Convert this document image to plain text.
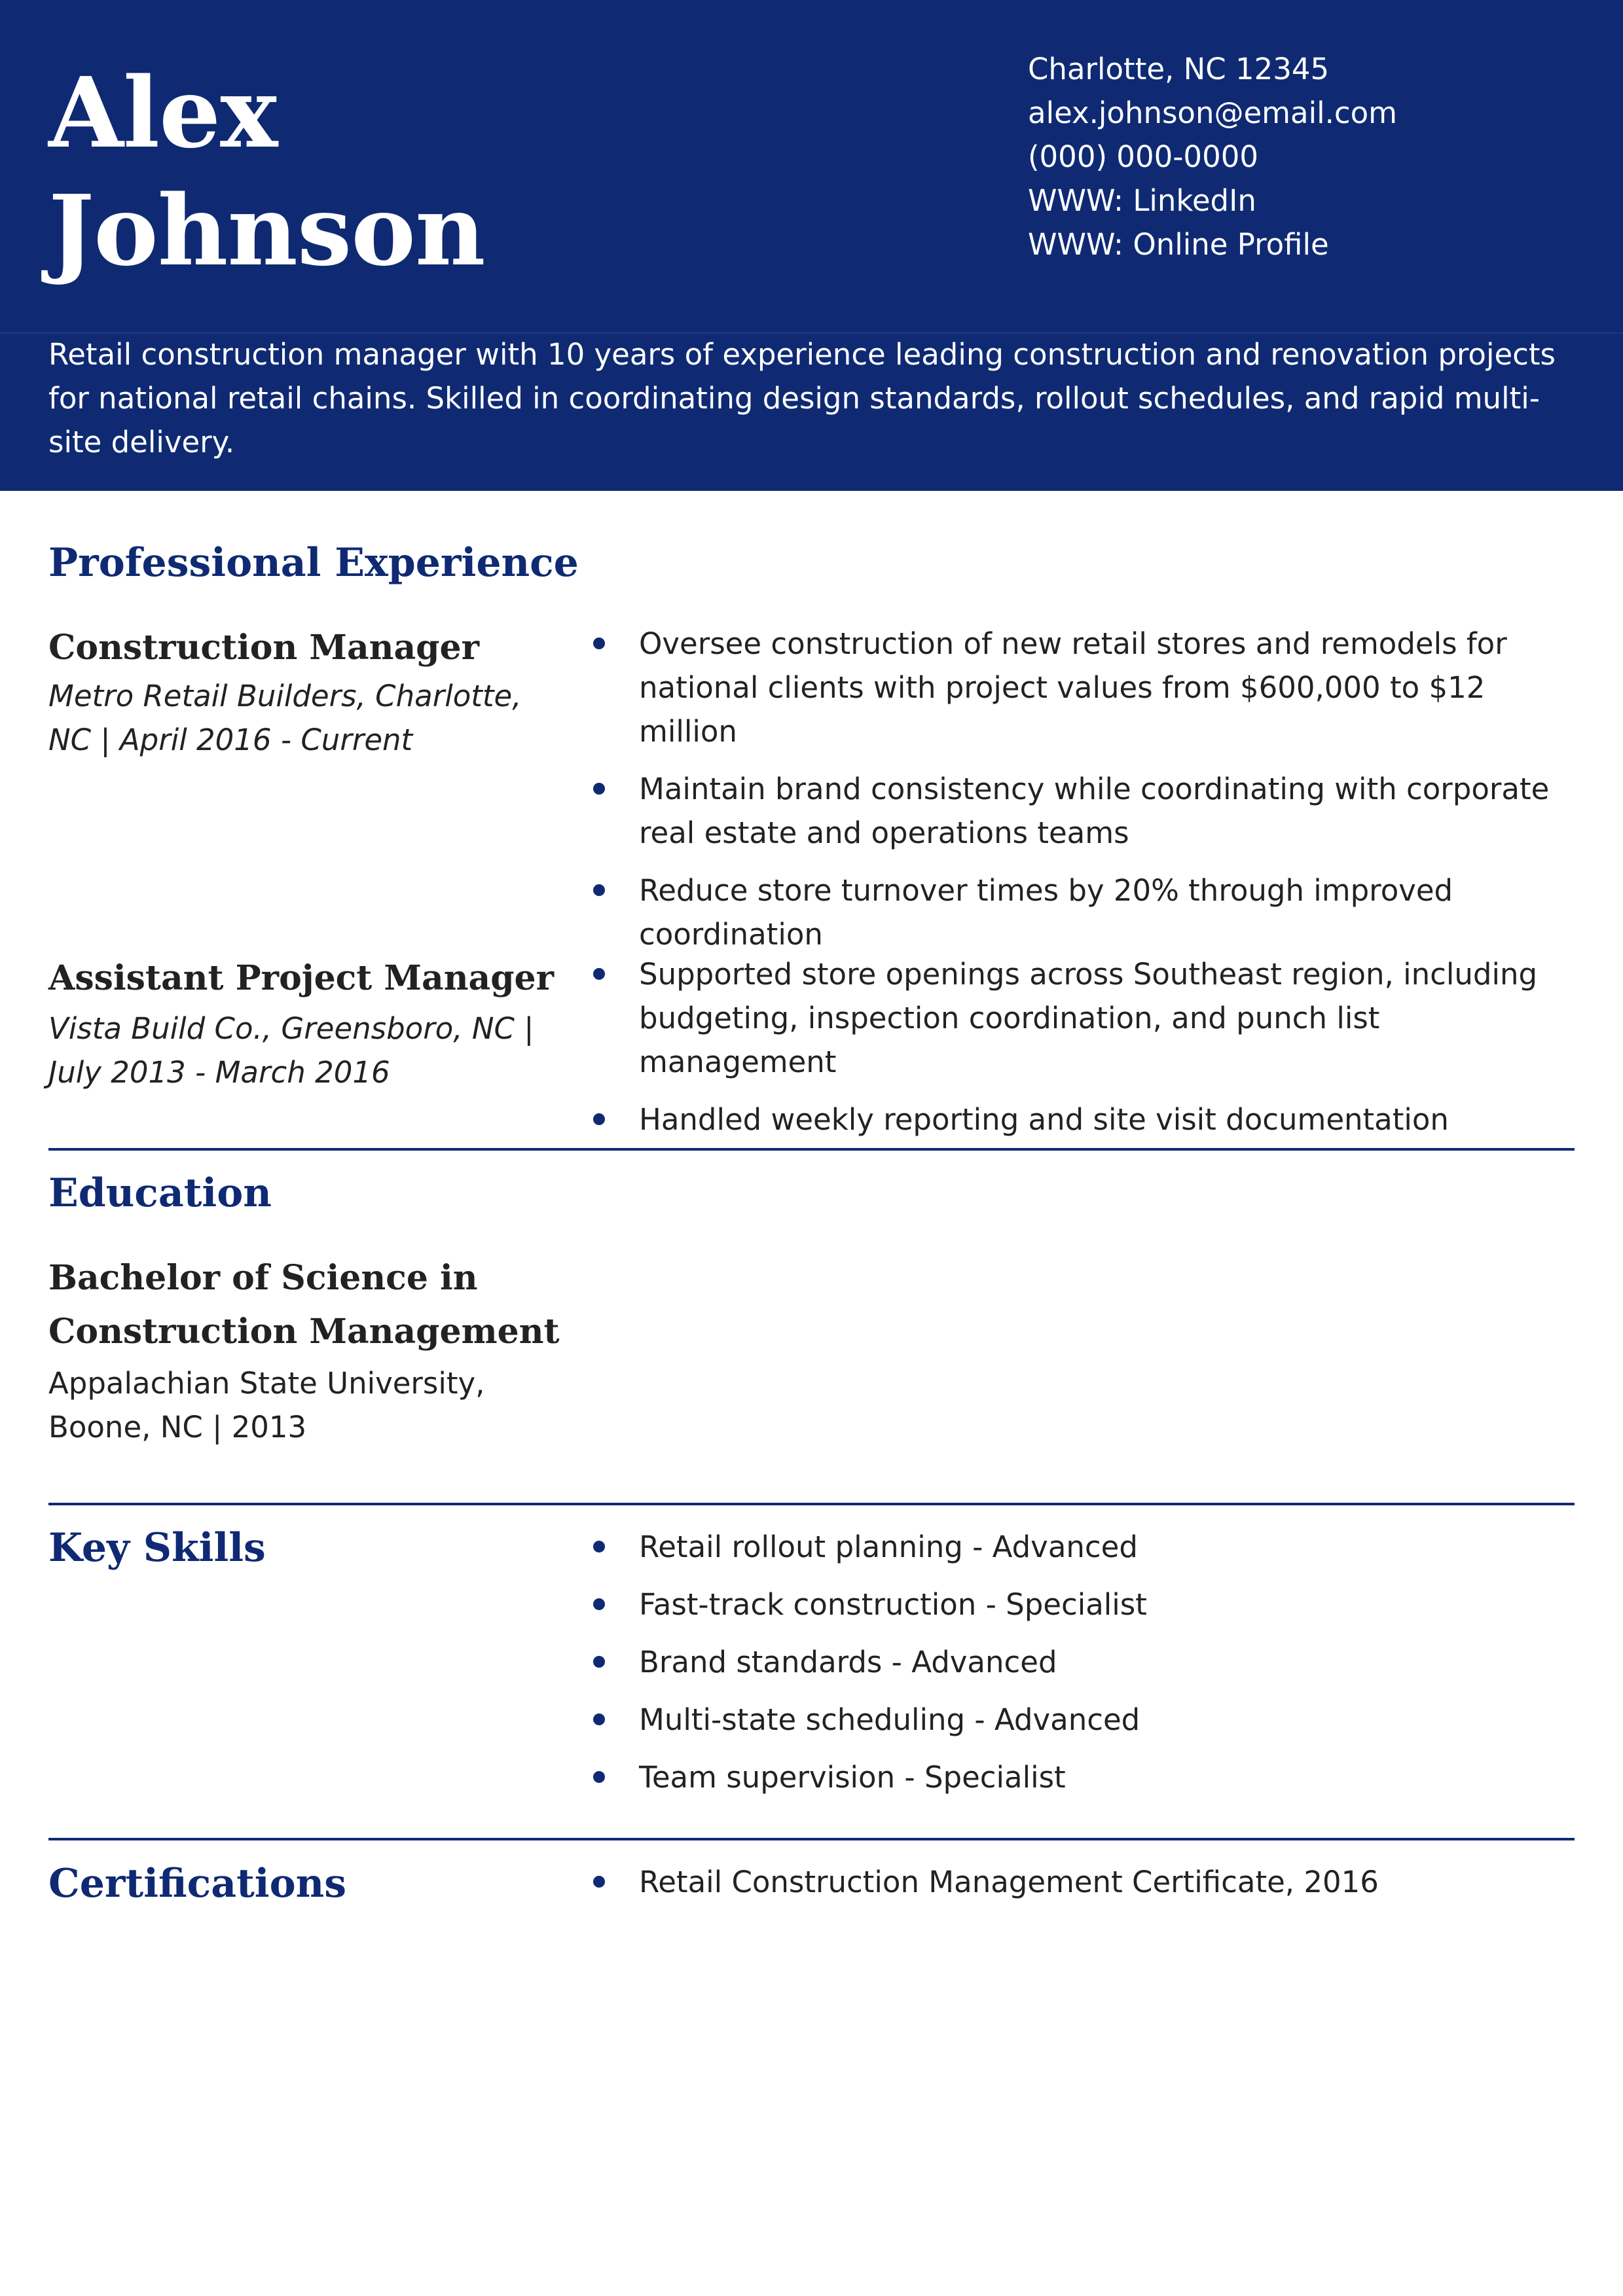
Alex
Johnson
Charlotte, NC 12345
alex.johnson@email.com
(000) 000-0000
WWW: LinkedIn
WWW: Online Profile

Retail construction manager with 10 years of experience leading construction and renovation projects for national retail chains. Skilled in coordinating design standards, rollout schedules, and rapid multi-site delivery.

Professional Experience
Construction Manager

Metro Retail Builders, Charlotte, NC | April 2016 - Current

Oversee construction of new retail stores and remodels for national clients with project values from $600,000 to $12 million
Maintain brand consistency while coordinating with corporate real estate and operations teams
Reduce store turnover times by 20% through improved coordination
Assistant Project Manager

Vista Build Co., Greensboro, NC | July 2013 - March 2016

Supported store openings across Southeast region, including budgeting, inspection coordination, and punch list management
Handled weekly reporting and site visit documentation
Education
Bachelor of Science in Construction Management

Appalachian State University, Boone, NC | 2013

Key Skills	Retail rollout planning - Advanced
Fast-track construction - Specialist
Brand standards - Advanced
Multi-state scheduling - Advanced
Team supervision - Specialist
Certifications	Retail Construction Management Certificate, 2016
